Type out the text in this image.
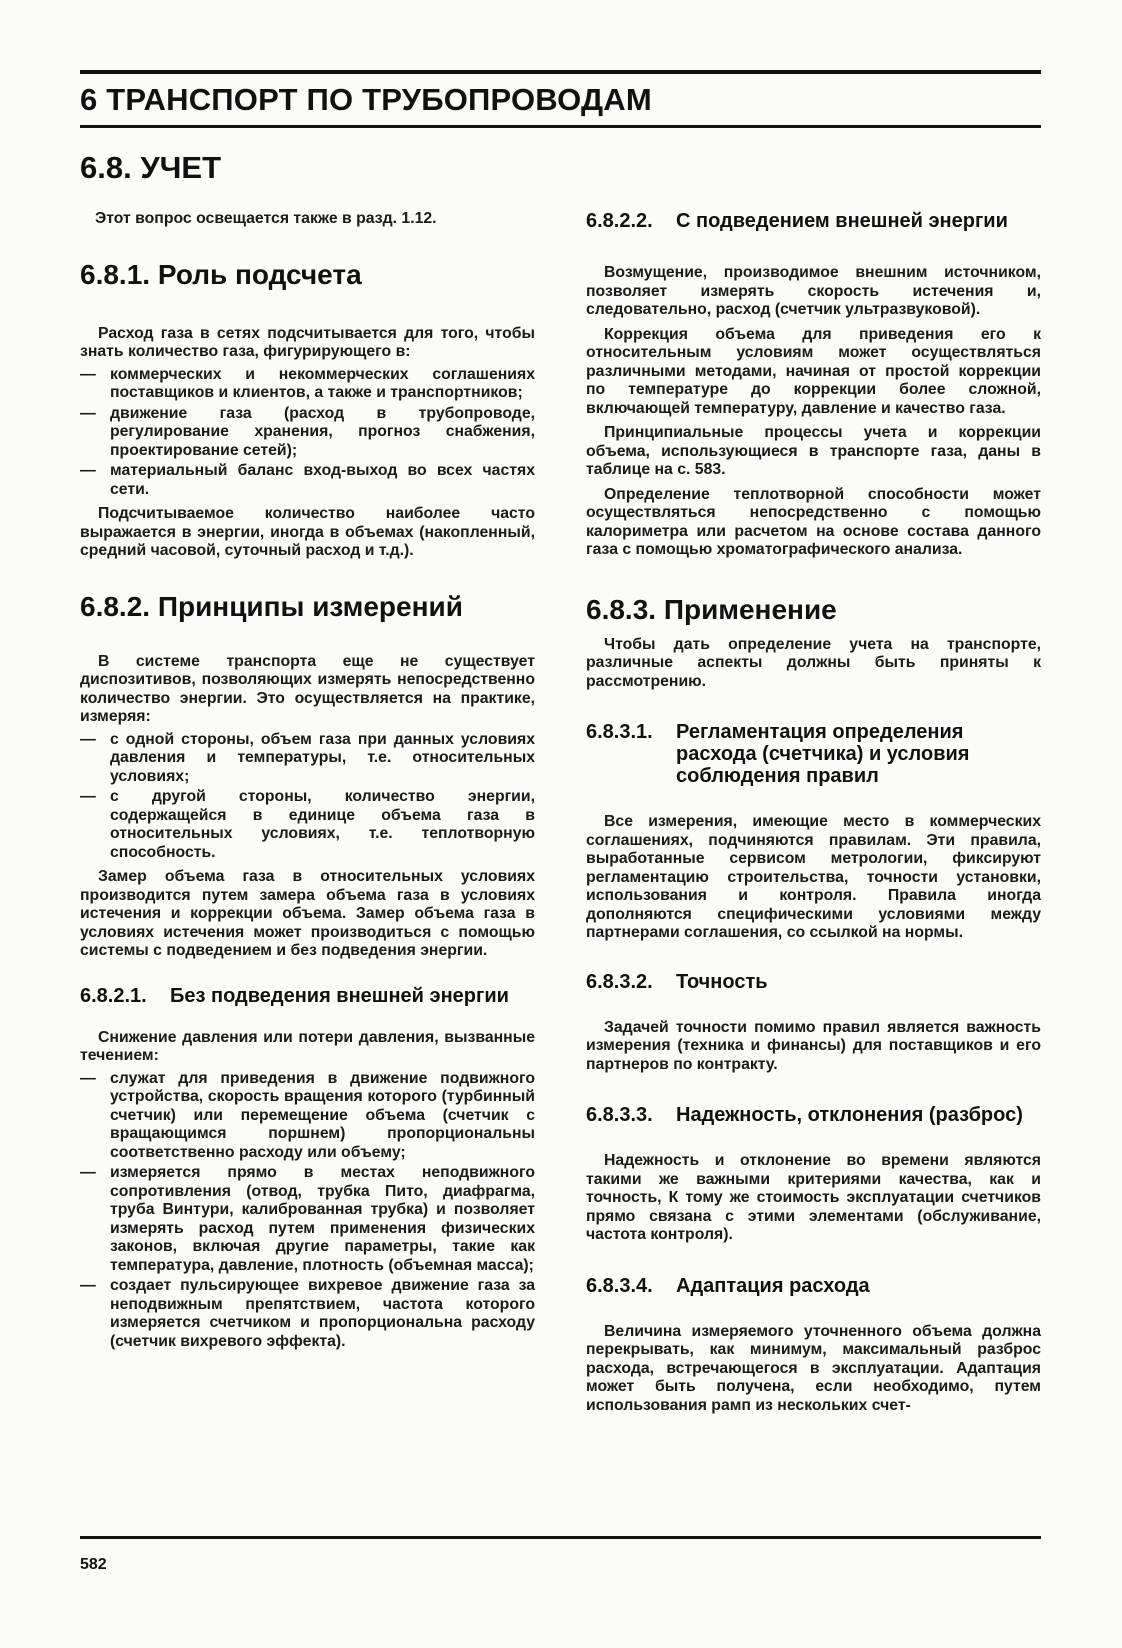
6 ТРАНСПОРТ ПО ТРУБОПРОВОДАМ
6.8. УЧЕТ

Этот вопрос освещается также в разд. 1.12.

6.8.1. Роль подсчета

Расход газа в сетях подсчитывается для того, чтобы знать количество газа, фигурирующего в:

— коммерческих и некоммерческих соглашениях поставщиков и клиентов, а также и транспортников;
— движение газа (расход в трубопроводе, регулирование хранения, прогноз снабжения, проектирование сетей);
— материальный баланс вход-выход во всех частях сети.

Подсчитываемое количество наиболее часто выражается в энергии, иногда в объемах (накопленный, средний часовой, суточный расход и т.д.).

6.8.2. Принципы измерений

В системе транспорта еще не существует диспозитивов, позволяющих измерять непосредственно количество энергии. Это осуществляется на практике, измеряя:

— с одной стороны, объем газа при данных условиях давления и температуры, т.е. относительных условиях;
— с другой стороны, количество энергии, содержащейся в единице объема газа в относительных условиях, т.е. теплотворную способность.

Замер объема газа в относительных условиях производится путем замера объема газа в условиях истечения и коррекции объема. Замер объема газа в условиях истечения может производиться с помощью системы с подведением и без подведения энергии.

6.8.2.1. Без подведения внешней энергии

Снижение давления или потери давления, вызванные течением:

— служат для приведения в движение подвижного устройства, скорость вращения которого (турбинный счетчик) или перемещение объема (счетчик с вращающимся поршнем) пропорциональны соответственно расходу или объему;
— измеряется прямо в местах неподвижного сопротивления (отвод, трубка Пито, диафрагма, труба Винтури, калиброванная трубка) и позволяет измерять расход путем применения физических законов, включая другие параметры, такие как температура, давление, плотность (объемная масса);
— создает пульсирующее вихревое движение газа за неподвижным препятствием, частота которого измеряется счетчиком и пропорциональна расходу (счетчик вихревого эффекта).
6.8.2.2. С подведением внешней энергии

Возмущение, производимое внешним источником, позволяет измерять скорость истечения и, следовательно, расход (счетчик ультразвуковой).

Коррекция объема для приведения его к относительным условиям может осуществляться различными методами, начиная от простой коррекции по температуре до коррекции более сложной, включающей температуру, давление и качество газа.

Принципиальные процессы учета и коррекции объема, использующиеся в транспорте газа, даны в таблице на с. 583.

Определение теплотворной способности может осуществляться непосредственно с помощью калориметра или расчетом на основе состава данного газа с помощью хроматографического анализа.

6.8.3. Применение

Чтобы дать определение учета на транспорте, различные аспекты должны быть приняты к рассмотрению.

6.8.3.1. Регламентация определения расхода (счетчика) и условия соблюдения правил

Все измерения, имеющие место в коммерческих соглашениях, подчиняются правилам. Эти правила, выработанные сервисом метрологии, фиксируют регламентацию строительства, точности установки, использования и контроля. Правила иногда дополняются специфическими условиями между партнерами соглашения, со ссылкой на нормы.

6.8.3.2. Точность

Задачей точности помимо правил является важность измерения (техника и финансы) для поставщиков и его партнеров по контракту.

6.8.3.3. Надежность, отклонения (разброс)

Надежность и отклонение во времени являются такими же важными критериями качества, как и точность, К тому же стоимость эксплуатации счетчиков прямо связана с этими элементами (обслуживание, частота контроля).

6.8.3.4. Адаптация расхода

Величина измеряемого уточненного объема должна перекрывать, как минимум, максимальный разброс расхода, встречающегося в эксплуатации. Адаптация может быть получена, если необходимо, путем использования рамп из нескольких счет-

582
